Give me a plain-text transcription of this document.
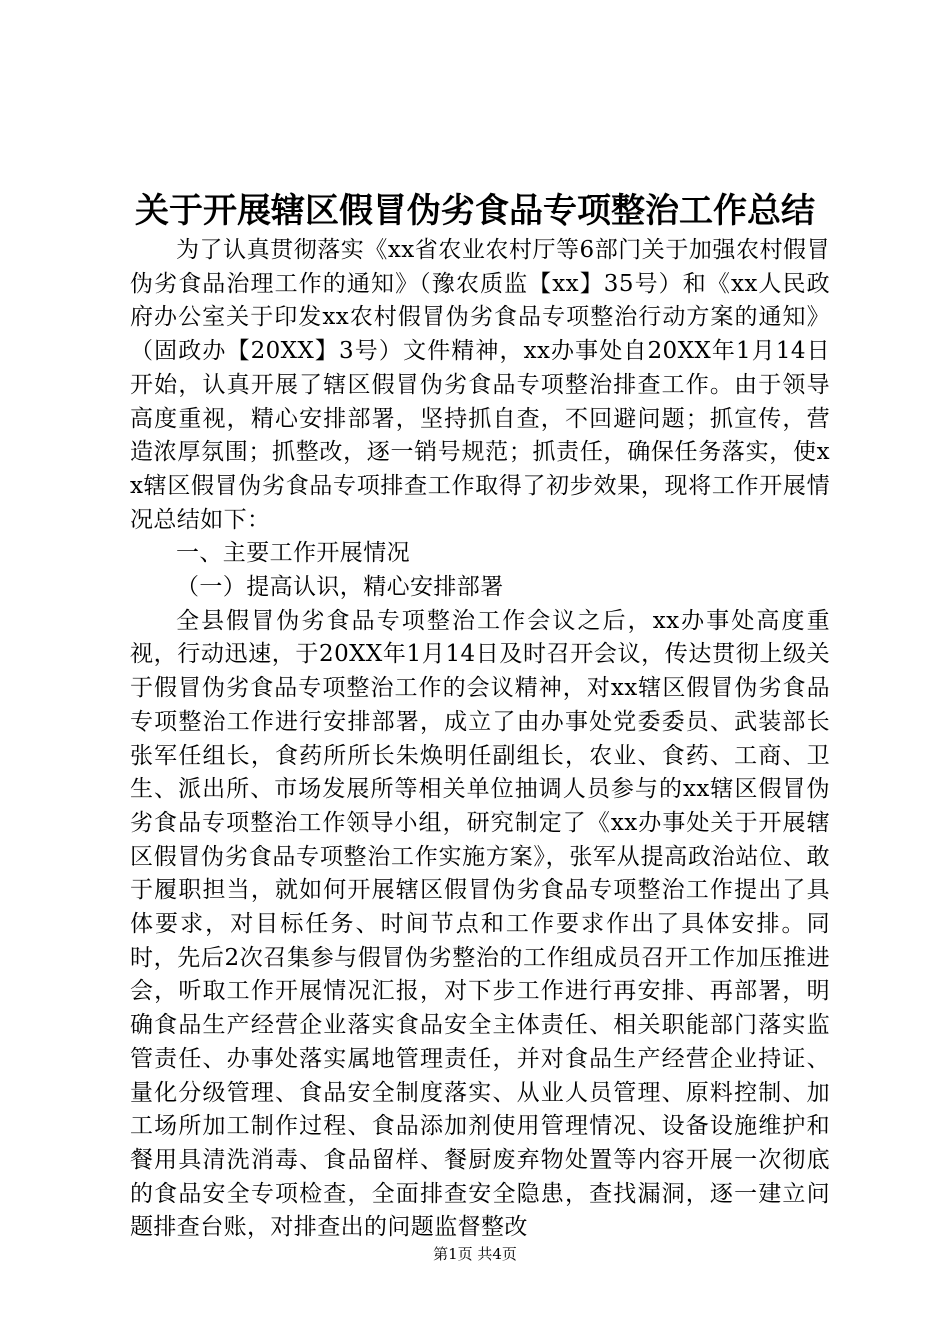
关于开展辖区假冒伪劣食品专项整治工作总结

为了认真贯彻落实《xx省农业农村厅等6部门关于加强农村假冒伪劣食品治理工作的通知》（豫农质监【xx】35号）和《xx人民政府办公室关于印发xx农村假冒伪劣食品专项整治行动方案的通知》（固政办【20XX】3号）文件精神，xx办事处自20XX年1月14日开始，认真开展了辖区假冒伪劣食品专项整治排查工作。由于领导高度重视，精心安排部署，坚持抓自查，不回避问题；抓宣传，营造浓厚氛围；抓整改，逐一销号规范；抓责任，确保任务落实，使xx辖区假冒伪劣食品专项排查工作取得了初步效果，现将工作开展情况总结如下：

一、主要工作开展情况

（一）提高认识，精心安排部署

全县假冒伪劣食品专项整治工作会议之后，xx办事处高度重视，行动迅速，于20XX年1月14日及时召开会议，传达贯彻上级关于假冒伪劣食品专项整治工作的会议精神，对xx辖区假冒伪劣食品专项整治工作进行安排部署，成立了由办事处党委委员、武装部长张军任组长，食药所所长朱焕明任副组长，农业、食药、工商、卫生、派出所、市场发展所等相关单位抽调人员参与的xx辖区假冒伪劣食品专项整治工作领导小组，研究制定了《xx办事处关于开展辖区假冒伪劣食品专项整治工作实施方案》，张军从提高政治站位、敢于履职担当，就如何开展辖区假冒伪劣食品专项整治工作提出了具体要求，对目标任务、时间节点和工作要求作出了具体安排。同时，先后2次召集参与假冒伪劣整治的工作组成员召开工作加压推进会，听取工作开展情况汇报，对下步工作进行再安排、再部署，明确食品生产经营企业落实食品安全主体责任、相关职能部门落实监管责任、办事处落实属地管理责任，并对食品生产经营企业持证、量化分级管理、食品安全制度落实、从业人员管理、原料控制、加工场所加工制作过程、食品添加剂使用管理情况、设备设施维护和餐用具清洗消毒、食品留样、餐厨废弃物处置等内容开展一次彻底的食品安全专项检查，全面排查安全隐患，查找漏洞，逐一建立问题排查台账，对排查出的问题监督整改

第1页 共4页
